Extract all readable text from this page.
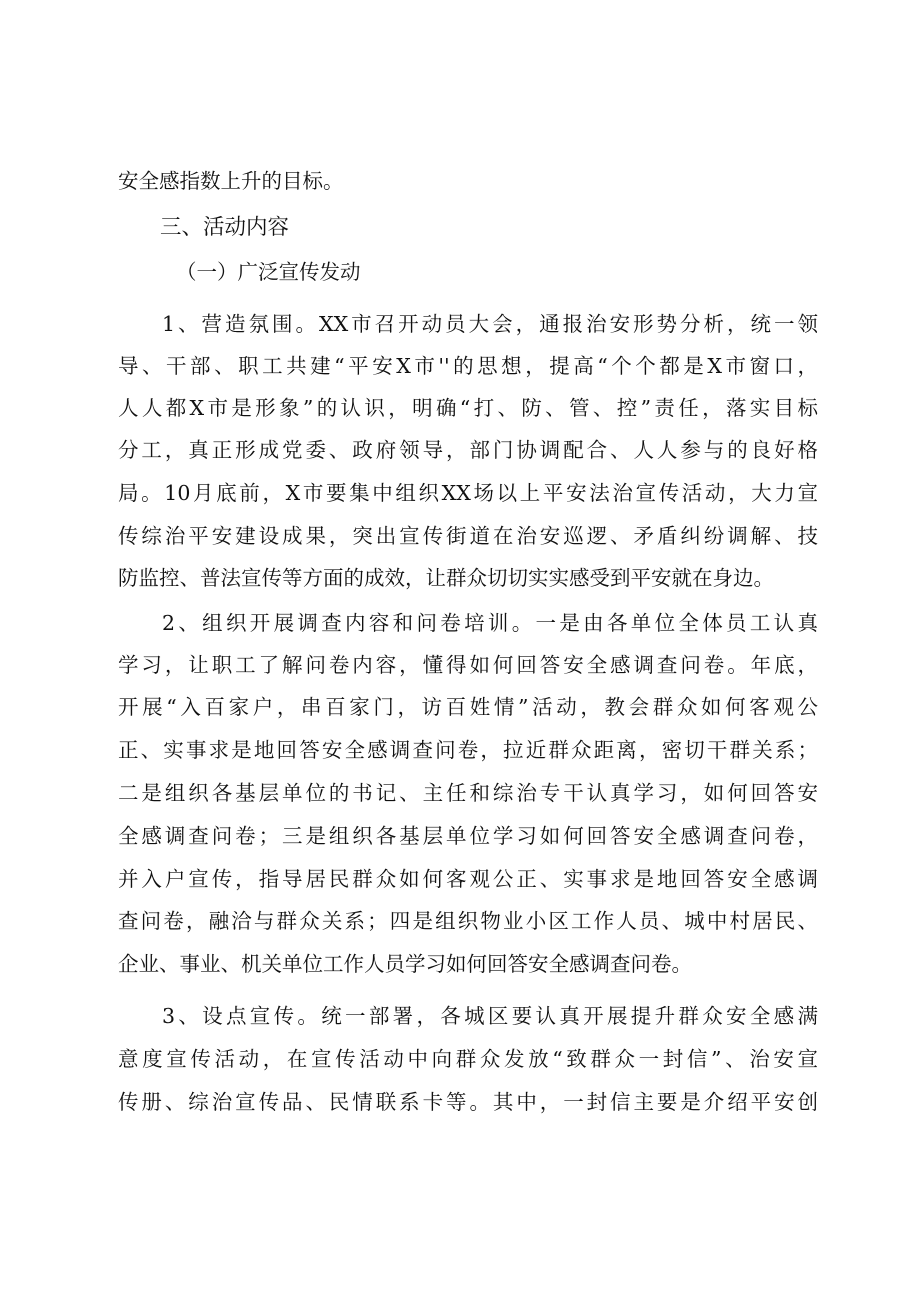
安全感指数上升的目标。
三、活动内容
（一）广泛宣传发动
1、营造氛围。XX市召开动员大会，通报治安形势分析，统一领
导、干部、职工共建“平安X市''的思想，提高“个个都是X市窗口，
人人都X市是形象”的认识，明确“打、防、管、控”责任，落实目标
分工，真正形成党委、政府领导，部门协调配合、人人参与的良好格
局。10月底前，X市要集中组织XX场以上平安法治宣传活动，大力宣
传综治平安建设成果，突出宣传街道在治安巡逻、矛盾纠纷调解、技
防监控、普法宣传等方面的成效，让群众切切实实感受到平安就在身边。
2、组织开展调查内容和问卷培训。一是由各单位全体员工认真
学习，让职工了解问卷内容，懂得如何回答安全感调查问卷。年底，
开展“入百家户，串百家门，访百姓情”活动，教会群众如何客观公
正、实事求是地回答安全感调查问卷，拉近群众距离，密切干群关系；
二是组织各基层单位的书记、主任和综治专干认真学习，如何回答安
全感调查问卷；三是组织各基层单位学习如何回答安全感调查问卷，
并入户宣传，指导居民群众如何客观公正、实事求是地回答安全感调
查问卷，融洽与群众关系；四是组织物业小区工作人员、城中村居民、
企业、事业、机关单位工作人员学习如何回答安全感调查问卷。
3、设点宣传。统一部署，各城区要认真开展提升群众安全感满
意度宣传活动，在宣传活动中向群众发放“致群众一封信”、治安宣
传册、综治宣传品、民情联系卡等。其中，一封信主要是介绍平安创
